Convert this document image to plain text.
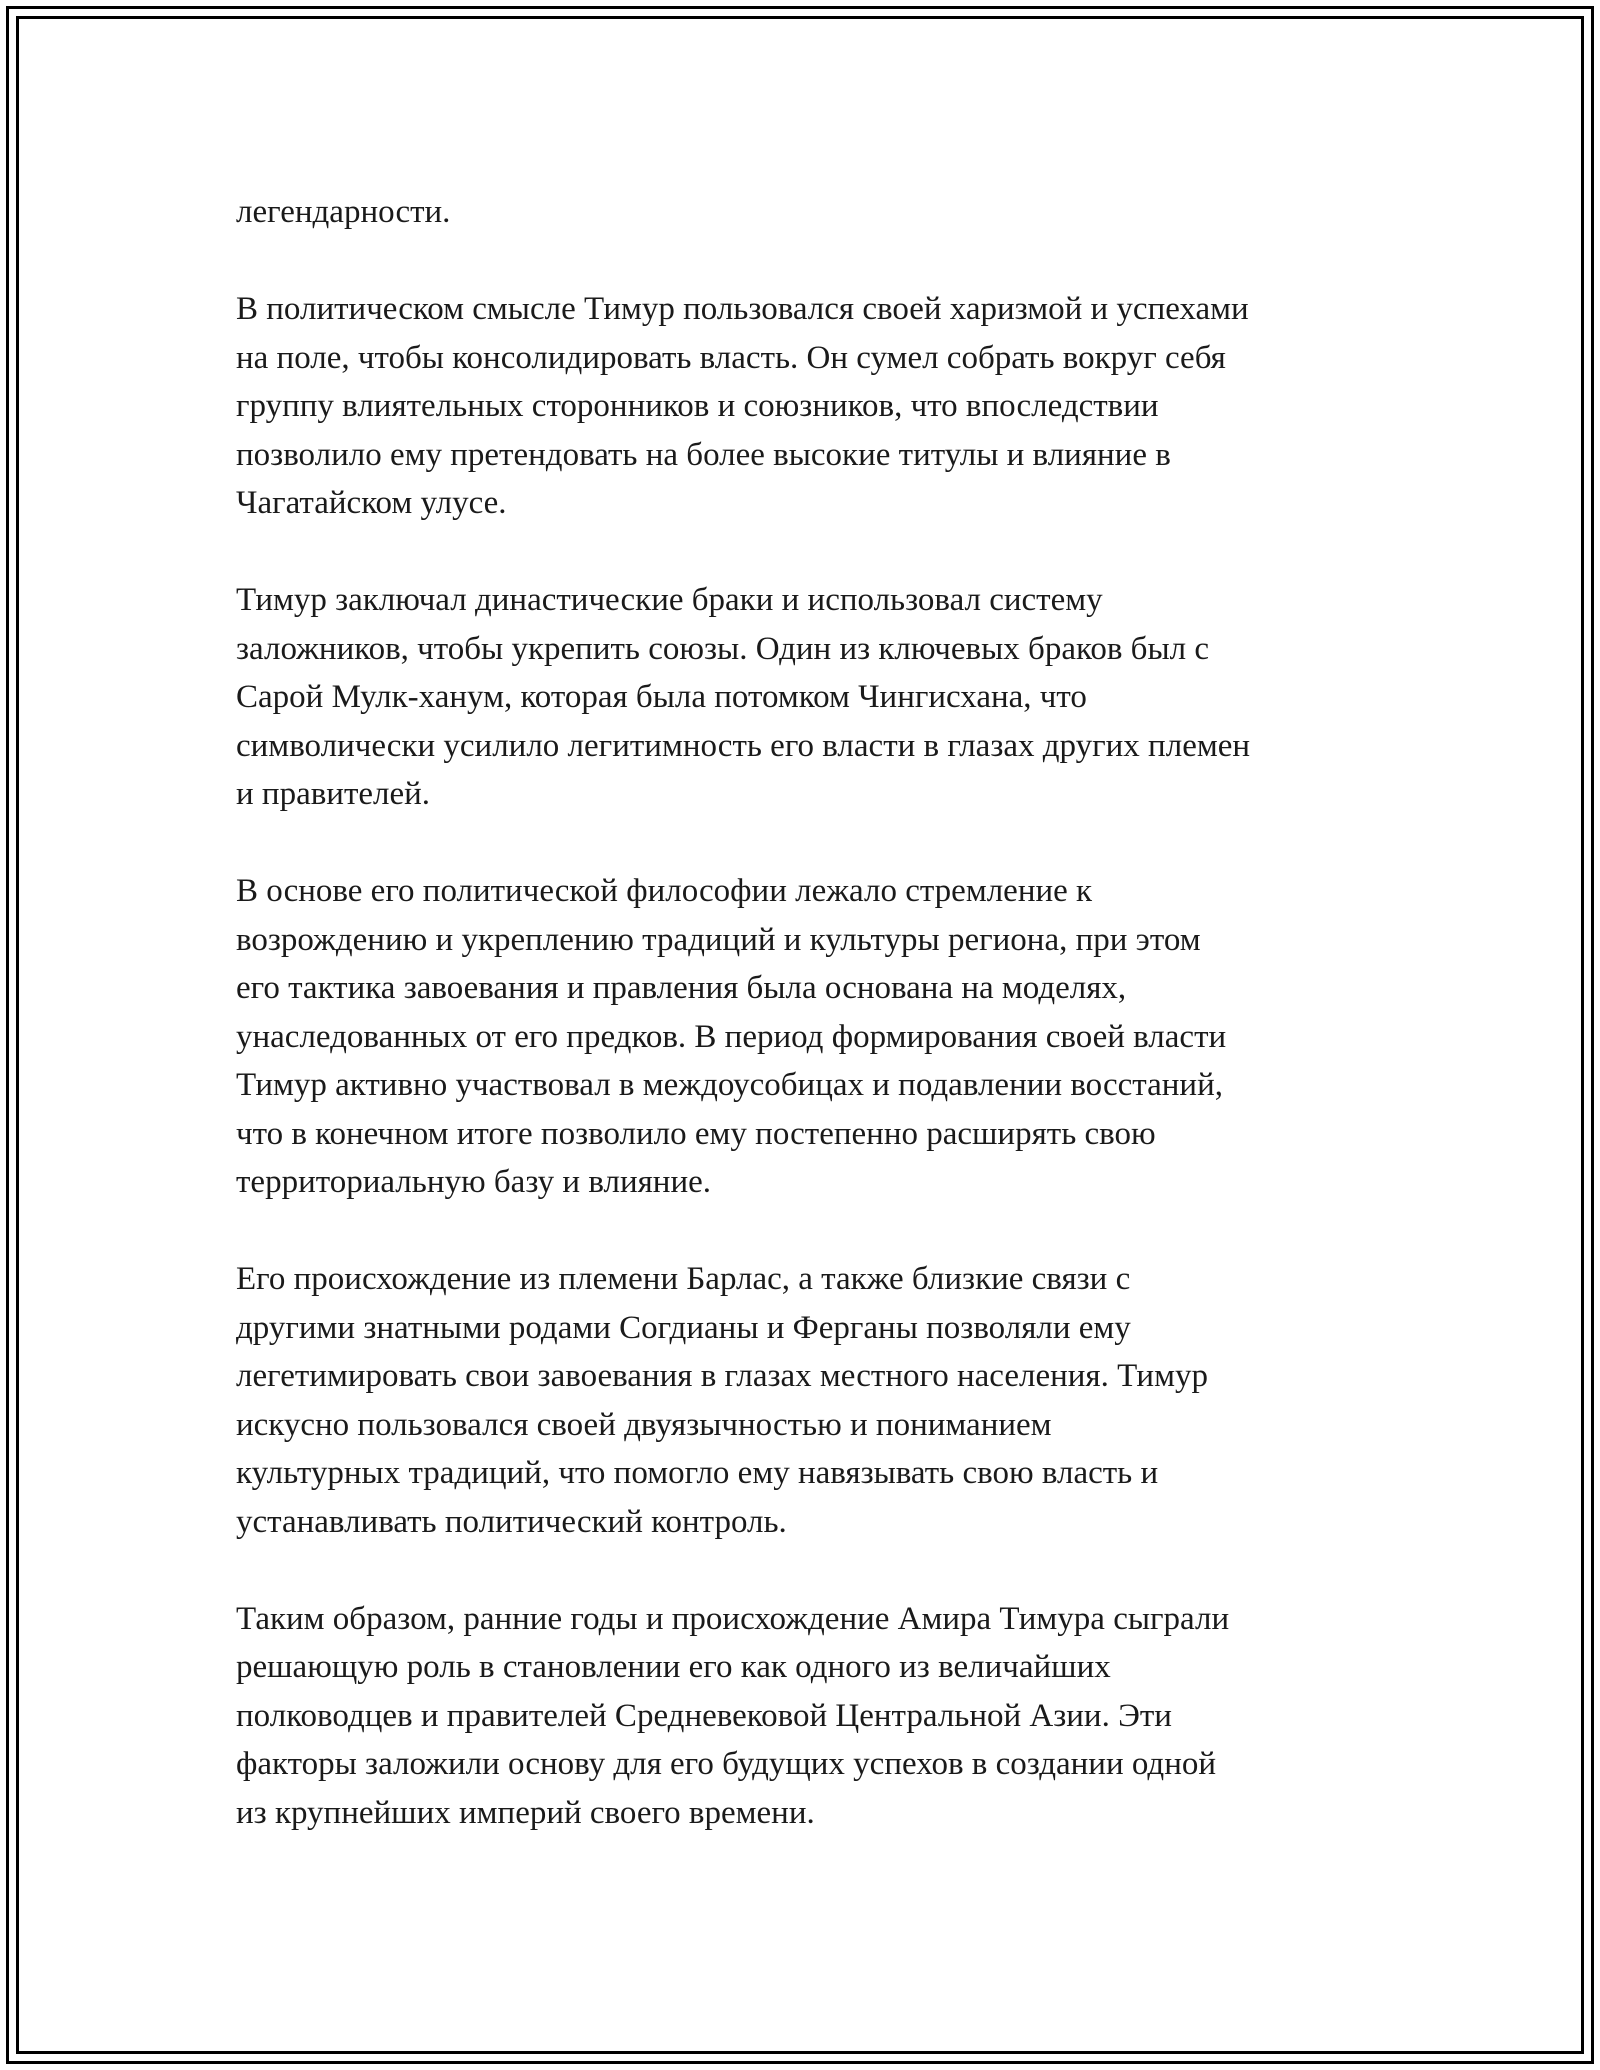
легендарности.

В политическом смысле Тимур пользовался своей харизмой и успехами
на поле, чтобы консолидировать власть. Он сумел собрать вокруг себя
группу влиятельных сторонников и союзников, что впоследствии
позволило ему претендовать на более высокие титулы и влияние в
Чагатайском улусе.

Тимур заключал династические браки и использовал систему
заложников, чтобы укрепить союзы. Один из ключевых браков был с
Сарой Мулк-ханум, которая была потомком Чингисхана, что
символически усилило легитимность его власти в глазах других племен
и правителей.

В основе его политической философии лежало стремление к
возрождению и укреплению традиций и культуры региона, при этом
его тактика завоевания и правления была основана на моделях,
унаследованных от его предков. В период формирования своей власти
Тимур активно участвовал в междоусобицах и подавлении восстаний,
что в конечном итоге позволило ему постепенно расширять свою
территориальную базу и влияние.

Его происхождение из племени Барлас, а также близкие связи с
другими знатными родами Согдианы и Ферганы позволяли ему
легетимировать свои завоевания в глазах местного населения. Тимур
искусно пользовался своей двуязычностью и пониманием
культурных традиций, что помогло ему навязывать свою власть и
устанавливать политический контроль.

Таким образом, ранние годы и происхождение Амира Тимура сыграли
решающую роль в становлении его как одного из величайших
полководцев и правителей Средневековой Центральной Азии. Эти
факторы заложили основу для его будущих успехов в создании одной
из крупнейших империй своего времени.
